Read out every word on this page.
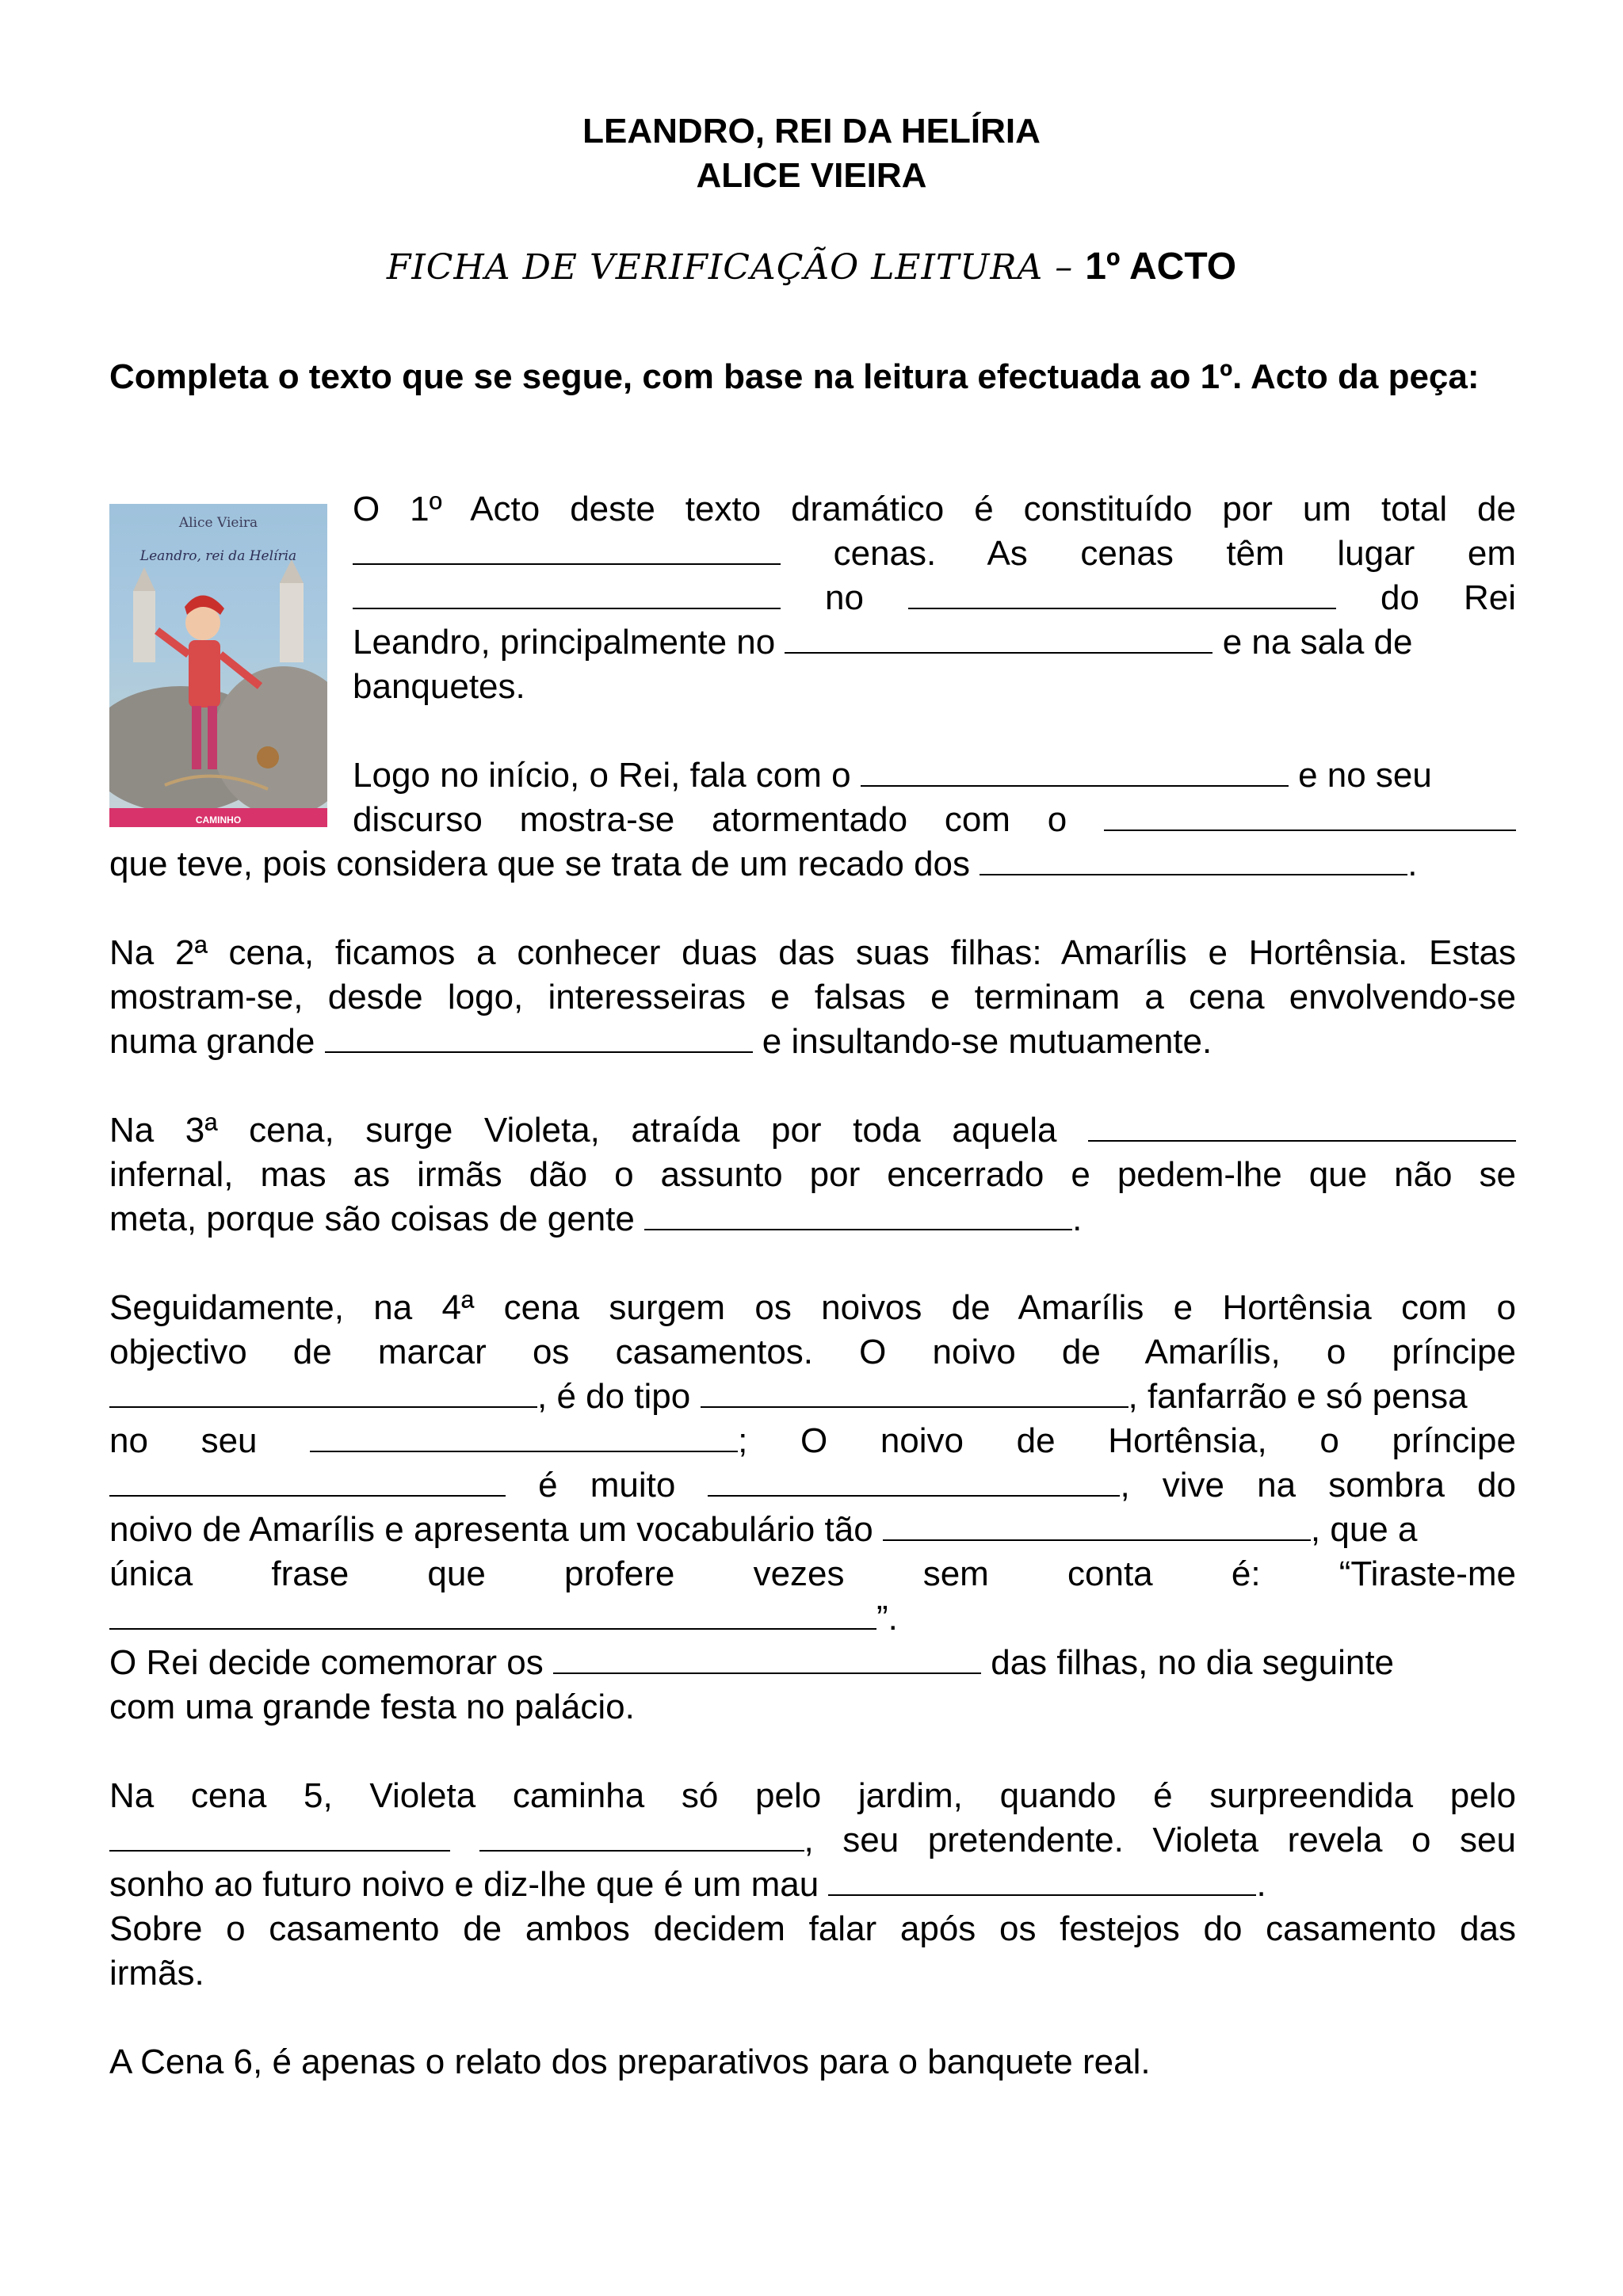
LEANDRO, REI DA HELÍRIA
ALICE VIEIRA
FICHA DE VERIFICAÇÃO LEITURA – 1º ACTO
Completa o texto que se segue, com base na leitura efectuada ao 1º. Acto da peça:
Alice Vieira
Leandro, rei da Helíria
CAMINHO
O 1º Acto deste texto dramático é constituído por um total de
cenas. As cenas têm lugar em
no	do Rei
Leandro, principalmente no	e na sala de
banquetes.
Logo no início, o Rei, fala com o	e no seu
discurso mostra-se atormentado com o
que teve, pois considera que se trata de um recado dos	.
Na 2ª cena, ficamos a conhecer duas das suas filhas: Amarílis e Hortênsia. Estas
mostram-se, desde logo, interesseiras e falsas e terminam a cena envolvendo-se
numa grande	e insultando-se mutuamente.
Na 3ª cena, surge Violeta, atraída por toda aquela
infernal, mas as irmãs dão o assunto por encerrado e pedem-lhe que não se
meta, porque são coisas de gente	.
Seguidamente, na 4ª cena surgem os noivos de Amarílis e Hortênsia com o
objectivo de marcar os casamentos. O noivo de Amarílis, o príncipe
, é do tipo	, fanfarrão e só pensa
no seu	; O noivo de Hortênsia, o príncipe
é muito	, vive na sombra do
noivo de Amarílis e apresenta um vocabulário tão	, que a
única frase que profere vezes sem conta é: “Tiraste-me
”.
O Rei decide comemorar os	das filhas, no dia seguinte
com uma grande festa no palácio.
Na cena 5, Violeta caminha só pelo jardim, quando é surpreendida pelo
, seu pretendente. Violeta revela o seu
sonho ao futuro noivo e diz-lhe que é um mau	.
Sobre o casamento de ambos decidem falar após os festejos do casamento das
irmãs.
A Cena 6, é apenas o relato dos preparativos para o banquete real.
